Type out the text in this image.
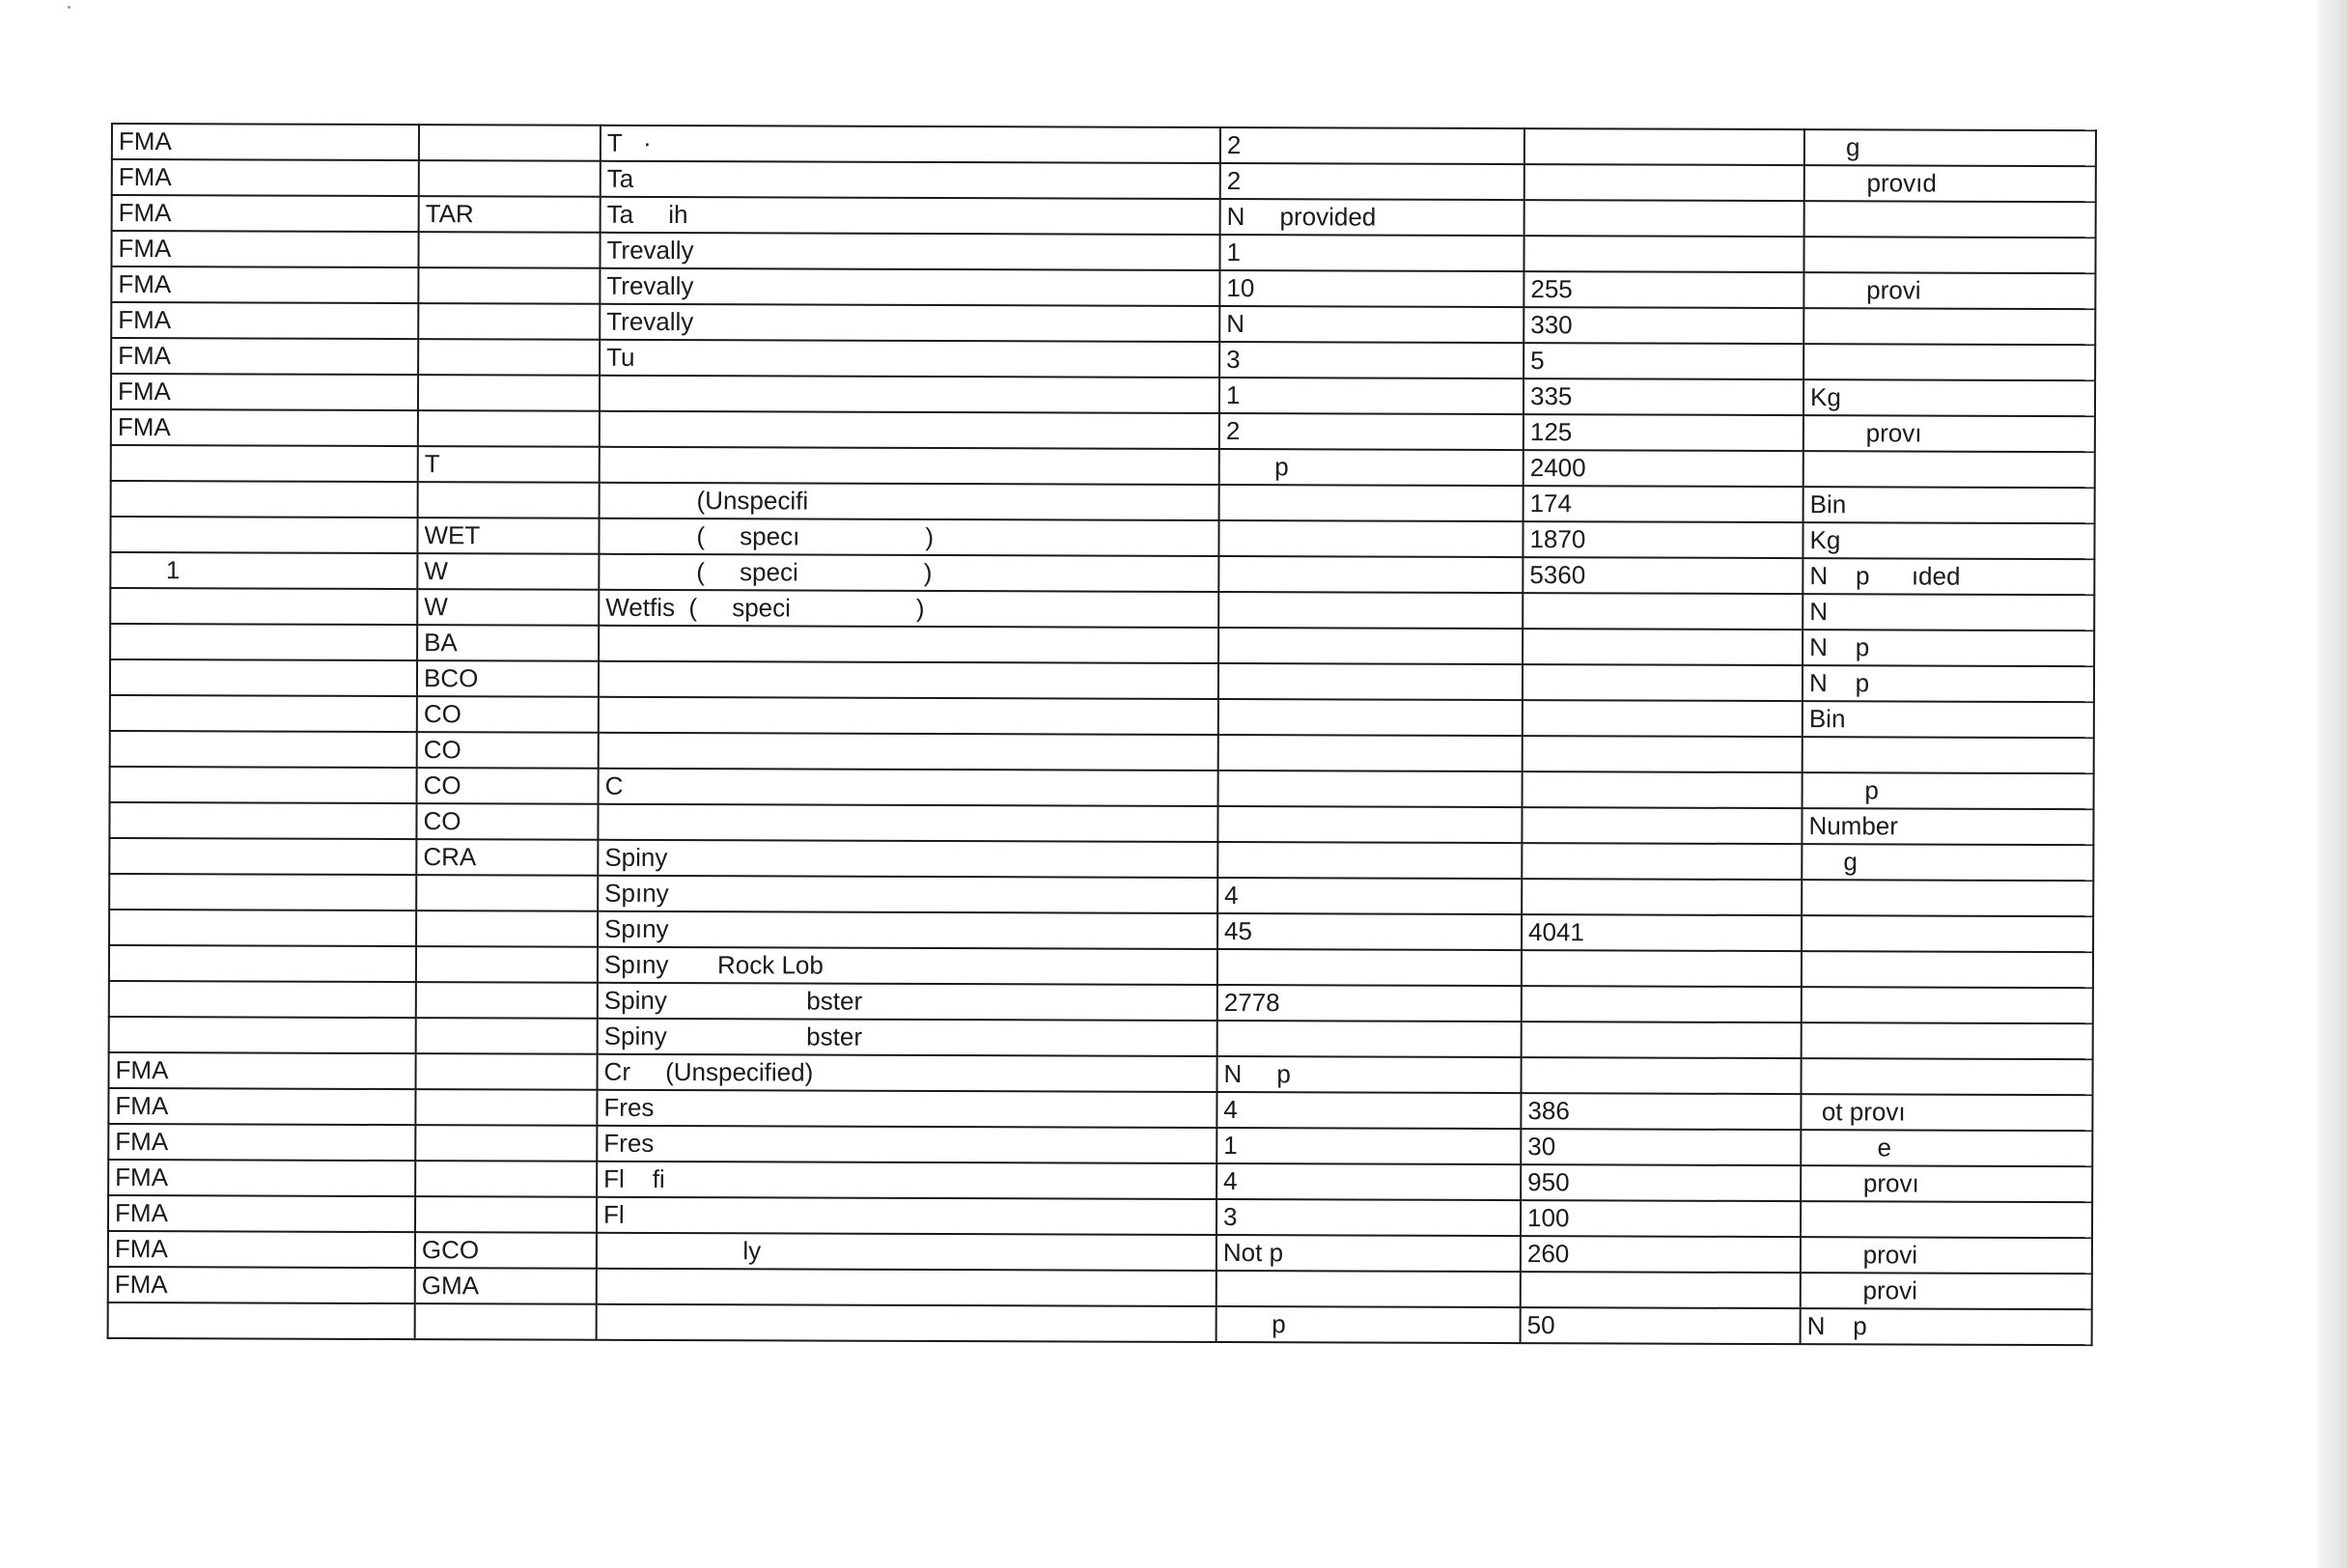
FMA		T   ·	2		g
FMA		Ta	2		provıd
FMA	TAR	Ta     ih	N     provided		
FMA		Trevally	1		
FMA		Trevally	10	255	provi
FMA		Trevally	N	330	
FMA		Tu	3	5	
FMA			1	335	Kg
FMA			2	125	provı
	T		p	2400	
		(Unspecifi		174	Bin
	WET	(     specı                  )		1870	Kg
1	W	(     speci                  )		5360	N    p      ıded
	W	Wetfis  (     speci                  )			N
	BA				N    p
	BCO				N    p
	CO				Bin
	CO				
	CO	C			p
	CO				Number
	CRA	Spiny			g
		Spıny	4		
		Spıny	45	4041	
		Spıny       Rock Lob			
		Spiny                    bster	2778		
		Spiny                    bster			
FMA		Cr     (Unspecified)	N     p		
FMA		Fres	4	386	ot provı
FMA		Fres	1	30	e
FMA		Fl    fi	4	950	provı
FMA		Fl	3	100	
FMA	GCO	ly	Not p	260	provi
FMA	GMA				provi
			p	50	N    p
